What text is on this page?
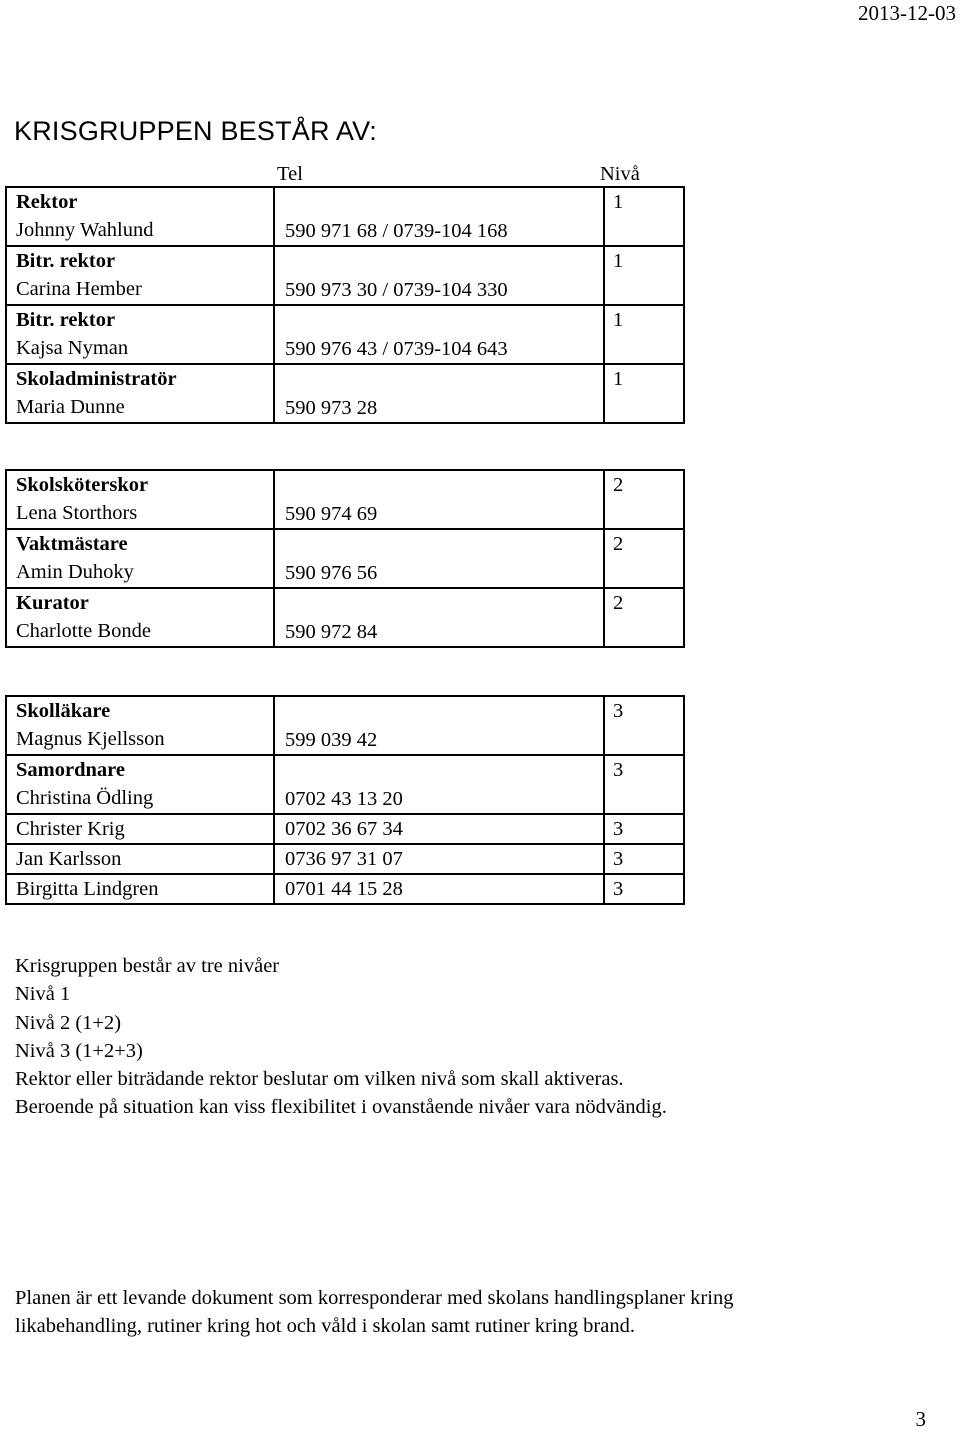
2013-12-03
KRISGRUPPEN BESTÅR AV:
Tel	Nivå
Rektor
Johnny Wahlund	590 971 68 / 0739-104 168	1

Bitr. rektor
Carina Hember	590 973 30 / 0739-104 330	1

Bitr. rektor
Kajsa Nyman	590 976 43 / 0739-104 643	1

Skoladministratör
Maria Dunne	590 973 28	1
Skolsköterskor
Lena Storthors	590 974 69	2

Vaktmästare
Amin Duhoky	590 976 56	2

Kurator
Charlotte Bonde	590 972 84	2
Skolläkare
Magnus Kjellsson	599 039 42	3

Samordnare
Christina Ödling	0702 43 13 20	3
Christer Krig	0702 36 67 34	3
Jan Karlsson	0736 97 31 07	3
Birgitta Lindgren	0701 44 15 28	3
Krisgruppen består av tre nivåer
Nivå 1
Nivå 2 (1+2)
Nivå 3 (1+2+3)
Rektor eller biträdande rektor beslutar om vilken nivå som skall aktiveras.
Beroende på situation kan viss flexibilitet i ovanstående nivåer vara nödvändig.
Planen är ett levande dokument som korresponderar med skolans handlingsplaner kring
likabehandling, rutiner kring hot och våld i skolan samt rutiner kring brand.
3
